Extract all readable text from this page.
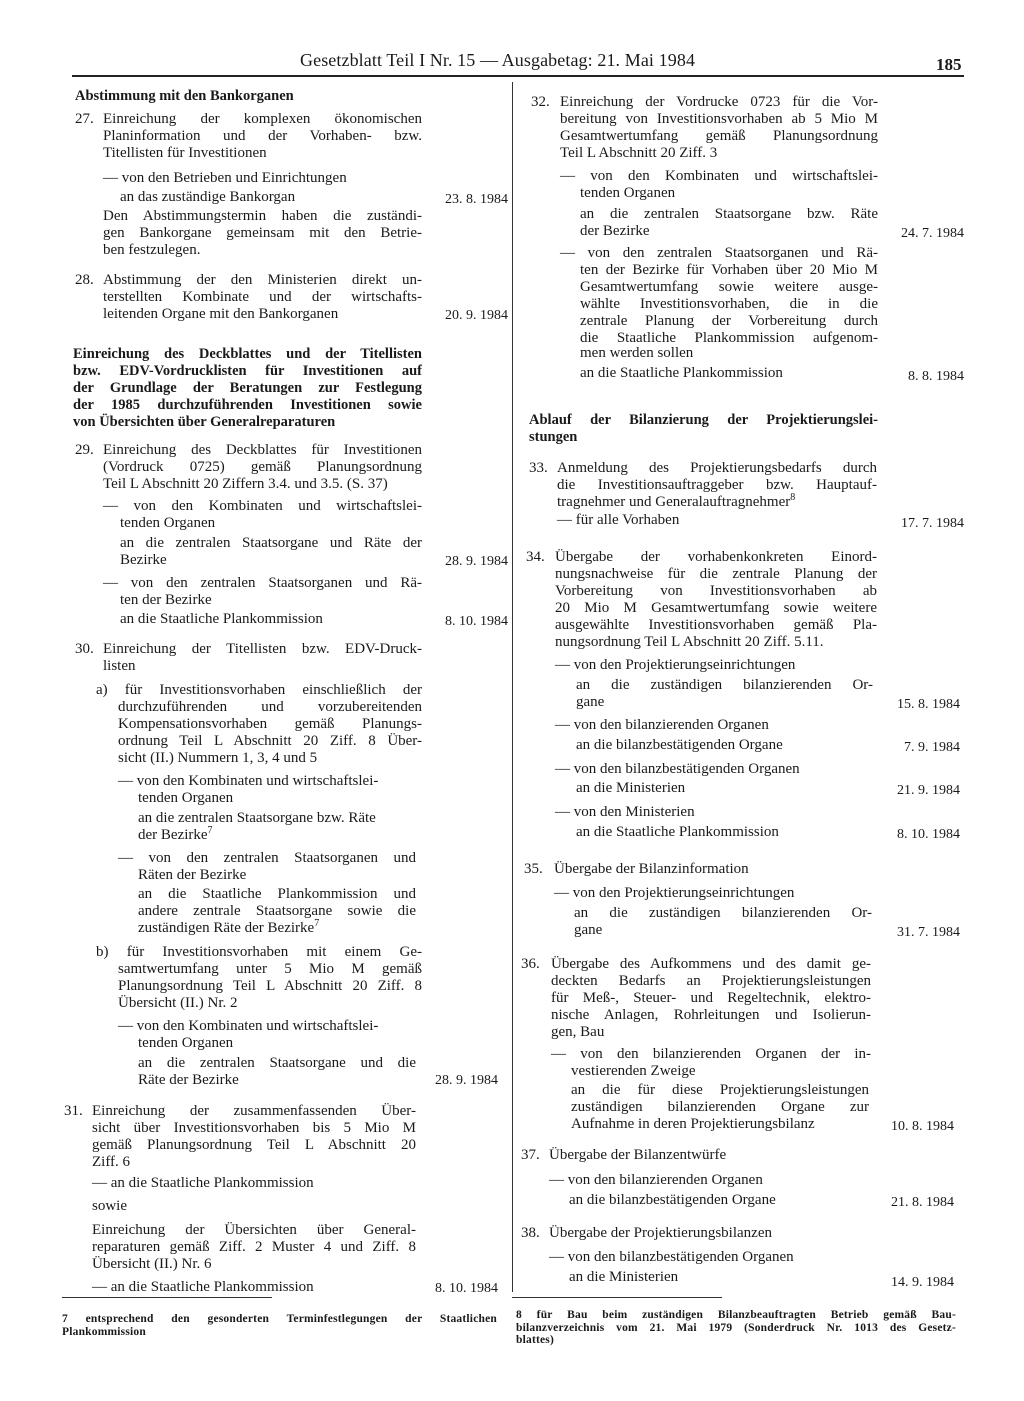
Gesetzblatt Teil I Nr. 15 — Ausgabetag: 21. Mai 1984	185
Abstimmung mit den Bankorganen
27. Einreichung der komplexen ökonomischen
Planinformation und der Vorhaben- bzw.
Titellisten für Investitionen
— von den Betrieben und Einrichtungen
an das zuständige Bankorgan	23. 8. 1984
Den Abstimmungstermin haben die zuständi-
gen Bankorgane gemeinsam mit den Betrie-
ben festzulegen.
28. Abstimmung der den Ministerien direkt un-
terstellten Kombinate und der wirtschafts-
leitenden Organe mit den Bankorganen	20. 9. 1984
Einreichung des Deckblattes und der Titellisten
bzw. EDV-Vordrucklisten für Investitionen auf
der Grundlage der Beratungen zur Festlegung
der 1985 durchzuführenden Investitionen sowie
von Übersichten über Generalreparaturen
29. Einreichung des Deckblattes für Investitionen
(Vordruck 0725) gemäß Planungsordnung
Teil L Abschnitt 20 Ziffern 3.4. und 3.5. (S. 37)
— von den Kombinaten und wirtschaftslei-
tenden Organen
an die zentralen Staatsorgane und Räte der
Bezirke	28. 9. 1984
— von den zentralen Staatsorganen und Rä-
ten der Bezirke
an die Staatliche Plankommission	8. 10. 1984
30. Einreichung der Titellisten bzw. EDV-Druck-
listen
a) für Investitionsvorhaben einschließlich der
durchzuführenden und vorzubereitenden
Kompensationsvorhaben gemäß Planungs-
ordnung Teil L Abschnitt 20 Ziff. 8 Über-
sicht (II.) Nummern 1, 3, 4 und 5
— von den Kombinaten und wirtschaftslei-
tenden Organen
an die zentralen Staatsorgane bzw. Räte
der Bezirke$^7$
— von den zentralen Staatsorganen und
Räten der Bezirke
an die Staatliche Plankommission und
andere zentrale Staatsorgane sowie die
zuständigen Räte der Bezirke$^7$
b) für Investitionsvorhaben mit einem Ge-
samtwertumfang unter 5 Mio M gemäß
Planungsordnung Teil L Abschnitt 20 Ziff. 8
Übersicht (II.) Nr. 2
— von den Kombinaten und wirtschaftslei-
tenden Organen
an die zentralen Staatsorgane und die
Räte der Bezirke	28. 9. 1984
31. Einreichung der zusammenfassenden Über-
sicht über Investitionsvorhaben bis 5 Mio M
gemäß Planungsordnung Teil L Abschnitt 20
Ziff. 6
— an die Staatliche Plankommission
sowie
Einreichung der Übersichten über General-
reparaturen gemäß Ziff. 2 Muster 4 und Ziff. 8
Übersicht (II.) Nr. 6
— an die Staatliche Plankommission	8. 10. 1984
7 entsprechend den gesonderten Terminfestlegungen der Staatlichen
Plankommission
32. Einreichung der Vordrucke 0723 für die Vor-
bereitung von Investitionsvorhaben ab 5 Mio M
Gesamtwertumfang gemäß Planungsordnung
Teil L Abschnitt 20 Ziff. 3
— von den Kombinaten und wirtschaftslei-
tenden Organen
an die zentralen Staatsorgane bzw. Räte
der Bezirke	24. 7. 1984
— von den zentralen Staatsorganen und Rä-
ten der Bezirke für Vorhaben über 20 Mio M
Gesamtwertumfang sowie weitere ausge-
wählte Investitionsvorhaben, die in die
zentrale Planung der Vorbereitung durch
die Staatliche Plankommission aufgenom-
men werden sollen
an die Staatliche Plankommission	8. 8. 1984
Ablauf der Bilanzierung der Projektierungslei-
stungen
33. Anmeldung des Projektierungsbedarfs durch
die Investitionsauftraggeber bzw. Hauptauf-
tragnehmer und Generalauftragnehmer$^8$
— für alle Vorhaben	17. 7. 1984
34. Übergabe der vorhabenkonkreten Einord-
nungsnachweise für die zentrale Planung der
Vorbereitung von Investitionsvorhaben ab
20 Mio M Gesamtwertumfang sowie weitere
ausgewählte Investitionsvorhaben gemäß Pla-
nungsordnung Teil L Abschnitt 20 Ziff. 5.11.
— von den Projektierungseinrichtungen
an die zuständigen bilanzierenden Or-
gane	15. 8. 1984
— von den bilanzierenden Organen
an die bilanzbestätigenden Organe	7. 9. 1984
— von den bilanzbestätigenden Organen
an die Ministerien	21. 9. 1984
— von den Ministerien
an die Staatliche Plankommission	8. 10. 1984
35. Übergabe der Bilanzinformation
— von den Projektierungseinrichtungen
an die zuständigen bilanzierenden Or-
gane	31. 7. 1984
36. Übergabe des Aufkommens und des damit ge-
deckten Bedarfs an Projektierungsleistungen
für Meß-, Steuer- und Regeltechnik, elektro-
nische Anlagen, Rohrleitungen und Isolierun-
gen, Bau
— von den bilanzierenden Organen der in-
vestierenden Zweige
an die für diese Projektierungsleistungen
zuständigen bilanzierenden Organe zur
Aufnahme in deren Projektierungsbilanz	10. 8. 1984
37. Übergabe der Bilanzentwürfe
— von den bilanzierenden Organen
an die bilanzbestätigenden Organe	21. 8. 1984
38. Übergabe der Projektierungsbilanzen
— von den bilanzbestätigenden Organen
an die Ministerien	14. 9. 1984
8 für Bau beim zuständigen Bilanzbeauftragten Betrieb gemäß Bau-
bilanzverzeichnis vom 21. Mai 1979 (Sonderdruck Nr. 1013 des Gesetz-
blattes)
